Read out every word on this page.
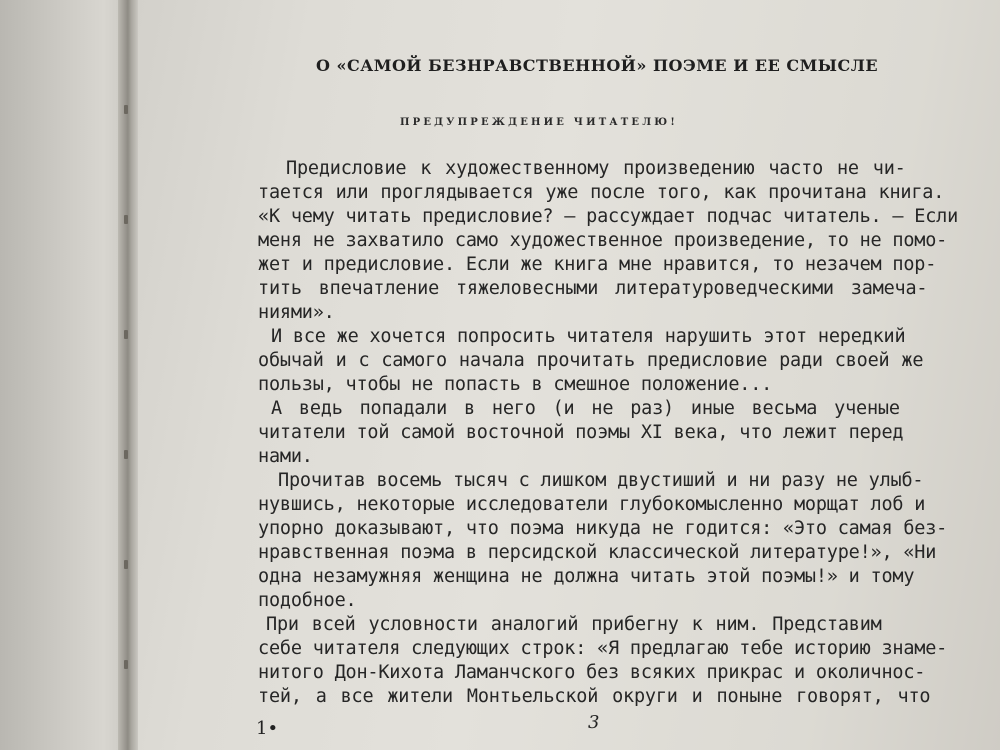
О «САМОЙ БЕЗНРАВСТВЕННОЙ» ПОЭМЕ И ЕЕ СМЫСЛЕ
ПРЕДУПРЕЖДЕНИЕ ЧИТАТЕЛЮ!
Предисловие к художественному произведению часто не чи-
тается или проглядывается уже после того, как прочитана книга.
«К чему читать предисловие? — рассуждает подчас читатель. — Если
меня не захватило само художественное произведение, то не помо-
жет и предисловие. Если же книга мне нравится, то незачем пор-
тить впечатление тяжеловесными литературоведческими замеча-
ниями».
И все же хочется попросить читателя нарушить этот нередкий
обычай и с самого начала прочитать предисловие ради своей же
пользы, чтобы не попасть в смешное положение...
А ведь попадали в него (и не раз) иные весьма ученые
читатели той самой восточной поэмы XI века, что лежит перед
нами.
Прочитав восемь тысяч с лишком двустиший и ни разу не улыб-
нувшись, некоторые исследователи глубокомысленно морщат лоб и
упорно доказывают, что поэма никуда не годится: «Это самая без-
нравственная поэма в персидской классической литературе!», «Ни
одна незамужняя женщина не должна читать этой поэмы!» и тому
подобное.
При всей условности аналогий прибегну к ним. Представим
себе читателя следующих строк: «Я предлагаю тебе историю знаме-
нитого Дон-Кихота Ламанчского без всяких прикрас и околичнос-
тей, а все жители Монтьельской округи и поныне говорят, что
1•	3
